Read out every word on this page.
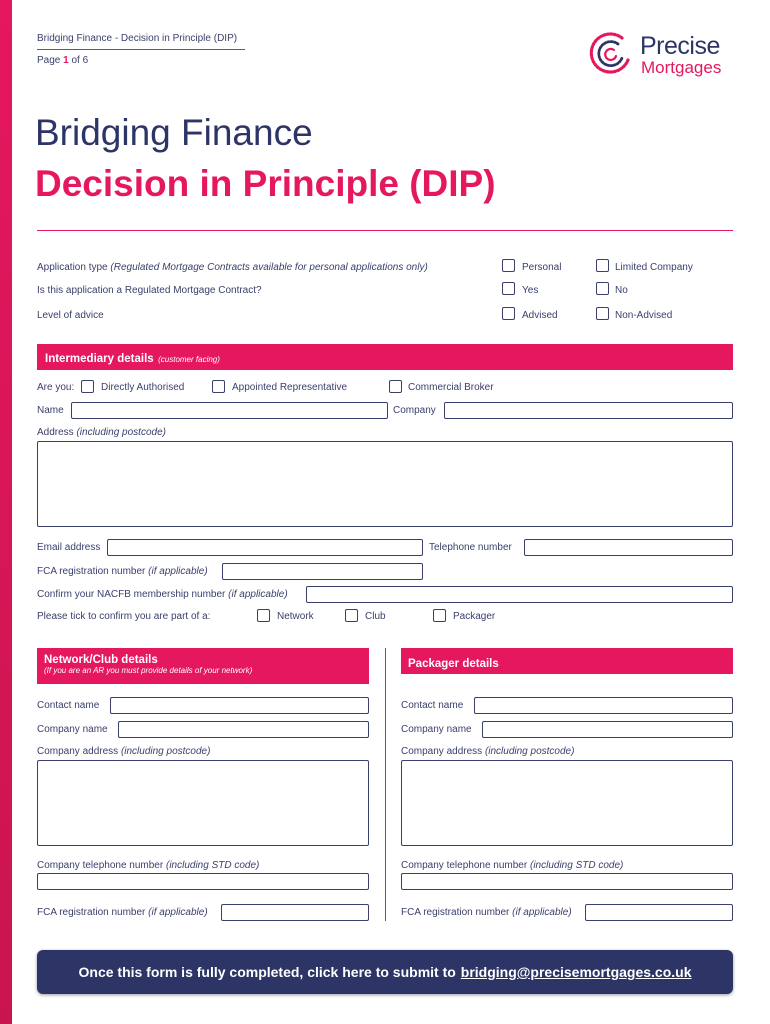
Bridging Finance - Decision in Principle (DIP)
Page 1 of 6
Precise
Mortgages
Bridging Finance
Decision in Principle (DIP)
Application type (Regulated Mortgage Contracts available for personal applications only)	Personal	Limited Company
Is this application a Regulated Mortgage Contract?	Yes	No
Level of advice	Advised	Non-Advised
Intermediary details (customer facing)
Are you:	Directly Authorised	Appointed Representative	Commercial Broker
Name	Company
Address (including postcode)
Email address	Telephone number
FCA registration number (if applicable)
Confirm your NACFB membership number (if applicable)
Please tick to confirm you are part of a:	Network	Club	Packager
Network/Club details
(If you are an AR you must provide details of your network)
Contact name
Company name
Company address (including postcode)
Company telephone number (including STD code)
FCA registration number (if applicable)
Packager details
Contact name
Company name
Company address (including postcode)
Company telephone number (including STD code)
FCA registration number (if applicable)
Once this form is fully completed, click here to submit to bridging@precisemortgages.co.uk
